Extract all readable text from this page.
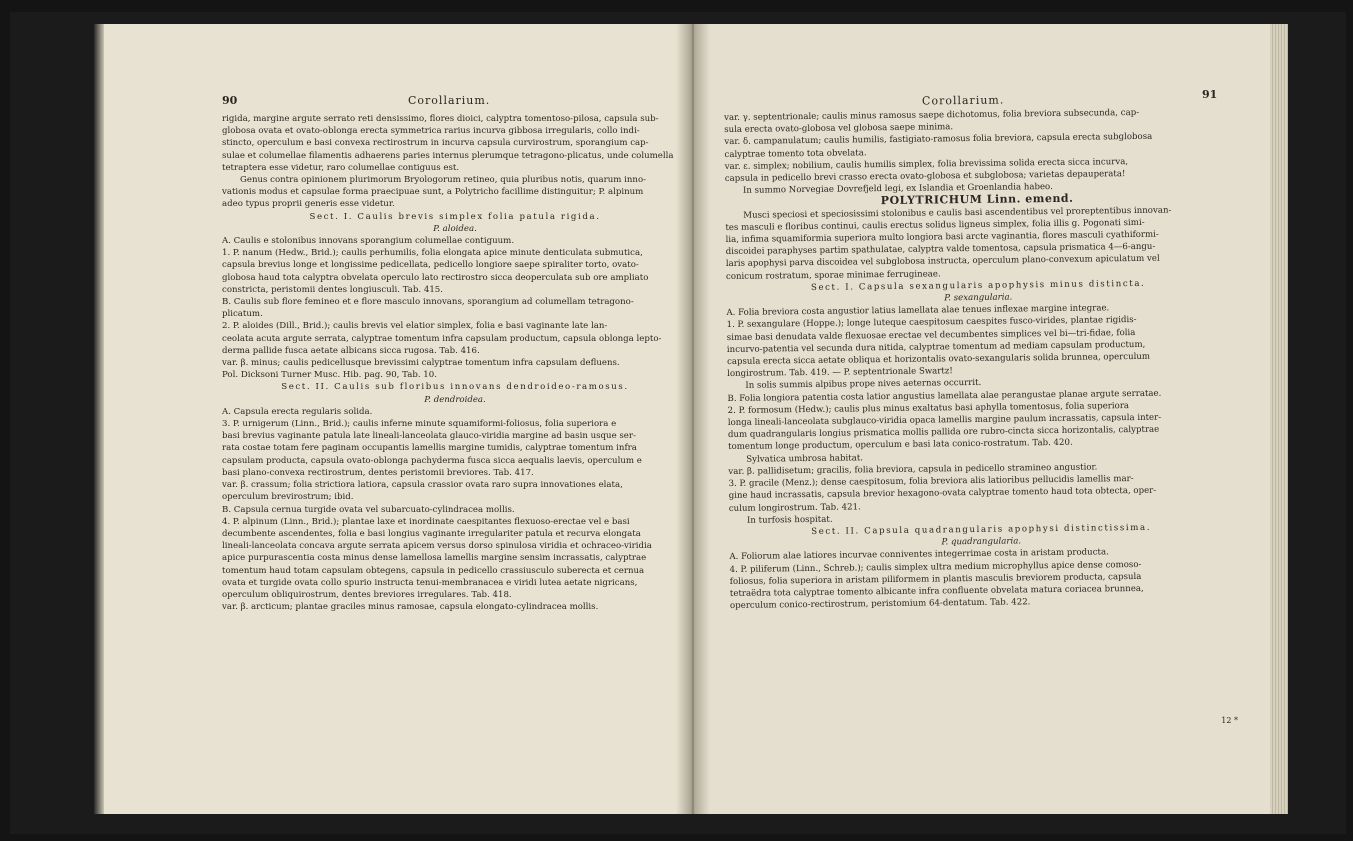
90	Corollarium.

rigida, margine argute serrato reti densissimo, flores dioici, calyptra tomentoso-pilosa, capsula sub-

globosa ovata et ovato-oblonga erecta symmetrica rarius incurva gibbosa irregularis, collo indi-

stincto, operculum e basi convexa rectirostrum in incurva capsula curvirostrum, sporangium cap-

sulae et columellae filamentis adhaerens paries internus plerumque tetragono-plicatus, unde columella

tetraptera esse videtur, raro columellae contiguus est.

Genus contra opinionem plurimorum Bryologorum retineo, quia pluribus notis, quarum inno-

vationis modus et capsulae forma praecipuae sunt, a Polytricho facillime distinguitur; P. alpinum

adeo typus proprii generis esse videtur.

Sect. I. Caulis brevis simplex folia patula rigida.

P. aloidea.

A. Caulis e stolonibus innovans sporangium columellae contiguum.

1. P. nanum (Hedw., Brid.); caulis perhumilis, folia elongata apice minute denticulata submutica,

capsula brevius longe et longissime pedicellata, pedicello longiore saepe spiraliter torto, ovato-

globosa haud tota calyptra obvelata operculo lato rectirostro sicca deoperculata sub ore ampliato

constricta, peristomii dentes longiusculi. Tab. 415.

B. Caulis sub flore femineo et e flore masculo innovans, sporangium ad columellam tetragono-

plicatum.

2. P. aloides (Dill., Brid.); caulis brevis vel elatior simplex, folia e basi vaginante late lan-

ceolata acuta argute serrata, calyptrae tomentum infra capsulam productum, capsula oblonga lepto-

derma pallide fusca aetate albicans sicca rugosa. Tab. 416.

var. β. minus; caulis pedicellusque brevissimi calyptrae tomentum infra capsulam defluens.

Pol. Dicksoni Turner Musc. Hib. pag. 90, Tab. 10.

Sect. II. Caulis sub floribus innovans dendroideo-ramosus.

P. dendroidea.

A. Capsula erecta regularis solida.

3. P. urnigerum (Linn., Brid.); caulis inferne minute squamiformi-foliosus, folia superiora e

basi brevius vaginante patula late lineali-lanceolata glauco-viridia margine ad basin usque ser-

rata costae totam fere paginam occupantis lamellis margine tumidis, calyptrae tomentum infra

capsulam producta, capsula ovato-oblonga pachyderma fusca sicca aequalis laevis, operculum e

basi plano-convexa rectirostrum, dentes peristomii breviores. Tab. 417.

var. β. crassum; folia strictiora latiora, capsula crassior ovata raro supra innovationes elata,

operculum brevirostrum; ibid.

B. Capsula cernua turgide ovata vel subarcuato-cylindracea mollis.

4. P. alpinum (Linn., Brid.); plantae laxe et inordinate caespitantes flexuoso-erectae vel e basi

decumbente ascendentes, folia e basi longius vaginante irregulariter patula et recurva elongata

lineali-lanceolata concava argute serrata apicem versus dorso spinulosa viridia et ochraceo-viridia

apice purpurascentia costa minus dense lamellosa lamellis margine sensim incrassatis, calyptrae

tomentum haud totam capsulam obtegens, capsula in pedicello crassiusculo suberecta et cernua

ovata et turgide ovata collo spurio instructa tenui-membranacea e viridi lutea aetate nigricans,

operculum obliquirostrum, dentes breviores irregulares. Tab. 418.

var. β. arcticum; plantae graciles minus ramosae, capsula elongato-cylindracea mollis.

Corollarium.	91

var. γ. septentrionale; caulis minus ramosus saepe dichotomus, folia breviora subsecunda, cap-

sula erecta ovato-globosa vel globosa saepe minima.

var. δ. campanulatum; caulis humilis, fastigiato-ramosus folia breviora, capsula erecta subglobosa

calyptrae tomento tota obvelata.

var. ε. simplex; nobilium, caulis humilis simplex, folia brevissima solida erecta sicca incurva,

capsula in pedicello brevi crasso erecta ovato-globosa et subglobosa; varietas depauperata!

In summo Norvegiae Dovrefjeld legi, ex Islandia et Groenlandia habeo.

POLYTRICHUM Linn. emend.

Musci speciosi et speciosissimi stolonibus e caulis basi ascendentibus vel proreptentibus innovan-

tes masculi e floribus continui, caulis erectus solidus ligneus simplex, folia illis g. Pogonati simi-

lia, infima squamiformia superiora multo longiora basi arcte vaginantia, flores masculi cyathiformi-

discoidei paraphyses partim spathulatae, calyptra valde tomentosa, capsula prismatica 4—6-angu-

laris apophysi parva discoidea vel subglobosa instructa, operculum plano-convexum apiculatum vel

conicum rostratum, sporae minimae ferrugineae.

Sect. I. Capsula sexangularis apophysis minus distincta.

P. sexangularia.

A. Folia breviora costa angustior latius lamellata alae tenues inflexae margine integrae.

1. P. sexangulare (Hoppe.); longe luteque caespitosum caespites fusco-virides, plantae rigidis-

simae basi denudata valde flexuosae erectae vel decumbentes simplices vel bi—tri-fidae, folia

incurvo-patentia vel secunda dura nitida, calyptrae tomentum ad mediam capsulam productum,

capsula erecta sicca aetate obliqua et horizontalis ovato-sexangularis solida brunnea, operculum

longirostrum. Tab. 419. — P. septentrionale Swartz!

In solis summis alpibus prope nives aeternas occurrit.

B. Folia longiora patentia costa latior angustius lamellata alae perangustae planae argute serratae.

2. P. formosum (Hedw.); caulis plus minus exaltatus basi aphylla tomentosus, folia superiora

longa lineali-lanceolata subglauco-viridia opaca lamellis margine paulum incrassatis, capsula inter-

dum quadrangularis longius prismatica mollis pallida ore rubro-cincta sicca horizontalis, calyptrae

tomentum longe productum, operculum e basi lata conico-rostratum. Tab. 420.

Sylvatica umbrosa habitat.

var. β. pallidisetum; gracilis, folia breviora, capsula in pedicello stramineo angustior.

3. P. gracile (Menz.); dense caespitosum, folia breviora alis latioribus pellucidis lamellis mar-

gine haud incrassatis, capsula brevior hexagono-ovata calyptrae tomento haud tota obtecta, oper-

culum longirostrum. Tab. 421.

In turfosis hospitat.

Sect. II. Capsula quadrangularis apophysi distinctissima.

P. quadrangularia.

A. Foliorum alae latiores incurvae conniventes integerrimae costa in aristam producta.

4. P. piliferum (Linn., Schreb.); caulis simplex ultra medium microphyllus apice dense comoso-

foliosus, folia superiora in aristam piliformem in plantis masculis breviorem producta, capsula

tetraëdra tota calyptrae tomento albicante infra confluente obvelata matura coriacea brunnea,

operculum conico-rectirostrum, peristomium 64-dentatum. Tab. 422.

12 *
